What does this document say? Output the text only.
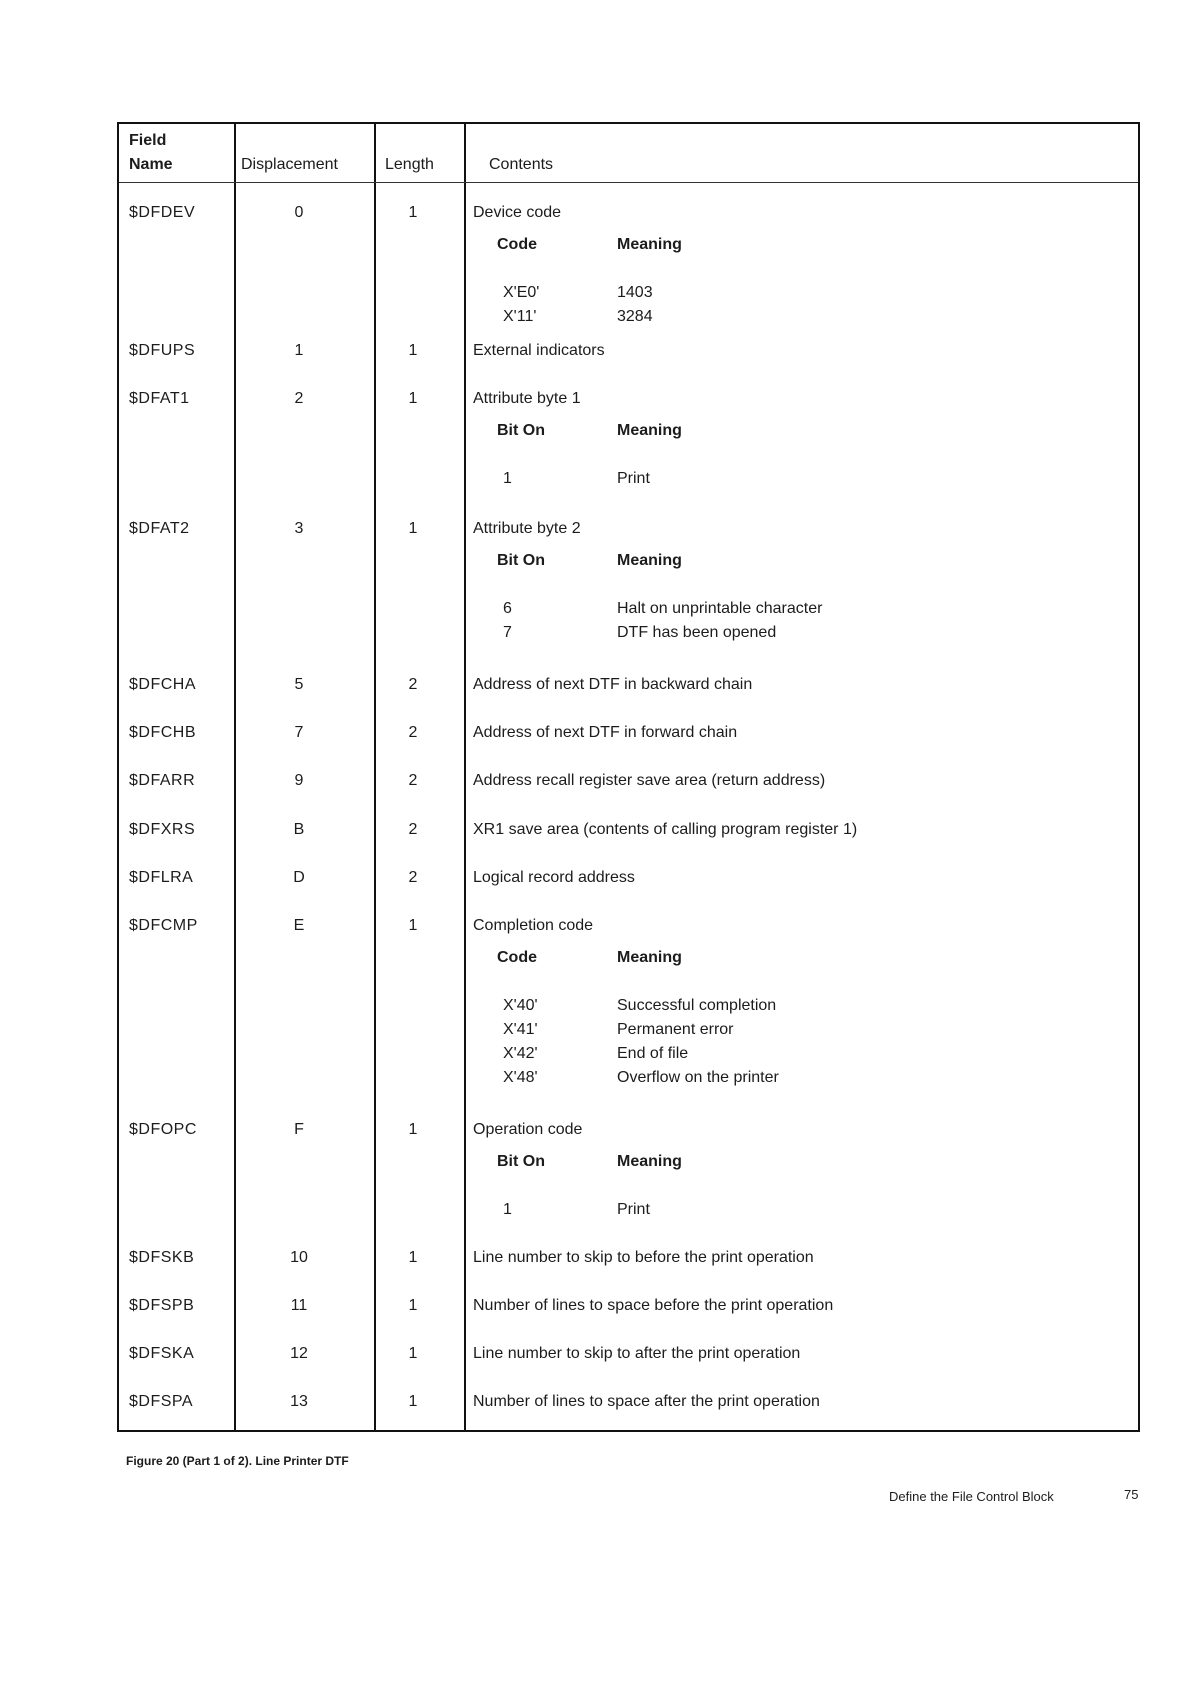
Field
Name	Displacement	Length	Contents
$DFDEV	0	1	Device code
Code	Meaning
X'E0'	1403
X'11'	3284
$DFUPS	1	1	External indicators
$DFAT1	2	1	Attribute byte 1
Bit On	Meaning
1	Print
$DFAT2	3	1	Attribute byte 2
Bit On	Meaning
6	Halt on unprintable character
7	DTF has been opened
$DFCHA	5	2	Address of next DTF in backward chain
$DFCHB	7	2	Address of next DTF in forward chain
$DFARR	9	2	Address recall register save area (return address)
$DFXRS	B	2	XR1 save area (contents of calling program register 1)
$DFLRA	D	2	Logical record address
$DFCMP	E	1	Completion code
Code	Meaning
X'40'	Successful completion
X'41'	Permanent error
X'42'	End of file
X'48'	Overflow on the printer
$DFOPC	F	1	Operation code
Bit On	Meaning
1	Print
$DFSKB	10	1	Line number to skip to before the print operation
$DFSPB	11	1	Number of lines to space before the print operation
$DFSKA	12	1	Line number to skip to after the print operation
$DFSPA	13	1	Number of lines to space after the print operation
Figure 20 (Part 1 of 2). Line Printer DTF
Define the File Control Block	75
